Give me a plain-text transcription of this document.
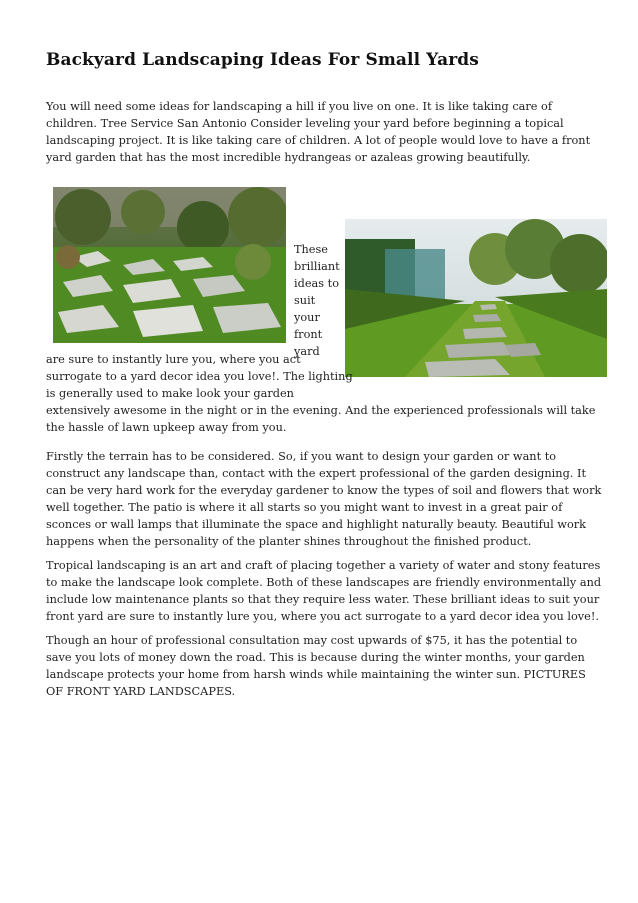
Backyard Landscaping Ideas For Small Yards

You will need some ideas for landscaping a hill if you live on one. It is like taking care of children. Tree Service San Antonio Consider leveling your yard before beginning a topical landscaping project. It is like taking care of children. A lot of people would love to have a front yard garden that has the most incredible hydrangeas or azaleas growing beautifully.

These
brilliant
ideas to
suit
your
front
yard

are sure to instantly lure you, where you act

surrogate to a yard decor idea you love!. The lighting

is generally used to make look your garden

extensively awesome in the night or in the evening. And the experienced professionals will take the hassle of lawn upkeep away from you.

Firstly the terrain has to be considered. So, if you want to design your garden or want to construct any landscape than, contact with the expert professional of the garden designing. It can be very hard work for the everyday gardener to know the types of soil and flowers that work well together. The patio is where it all starts so you might want to invest in a great pair of sconces or wall lamps that illuminate the space and highlight naturally beauty. Beautiful work happens when the personality of the planter shines throughout the finished product.

Tropical landscaping is an art and craft of placing together a variety of water and stony features to make the landscape look complete. Both of these landscapes are friendly environmentally and include low maintenance plants so that they require less water. These brilliant ideas to suit your front yard are sure to instantly lure you, where you act surrogate to a yard decor idea you love!.

Though an hour of professional consultation may cost upwards of $75, it has the potential to save you lots of money down the road. This is because during the winter months, your garden landscape protects your home from harsh winds while maintaining the winter sun. PICTURES OF FRONT YARD LANDSCAPES.
